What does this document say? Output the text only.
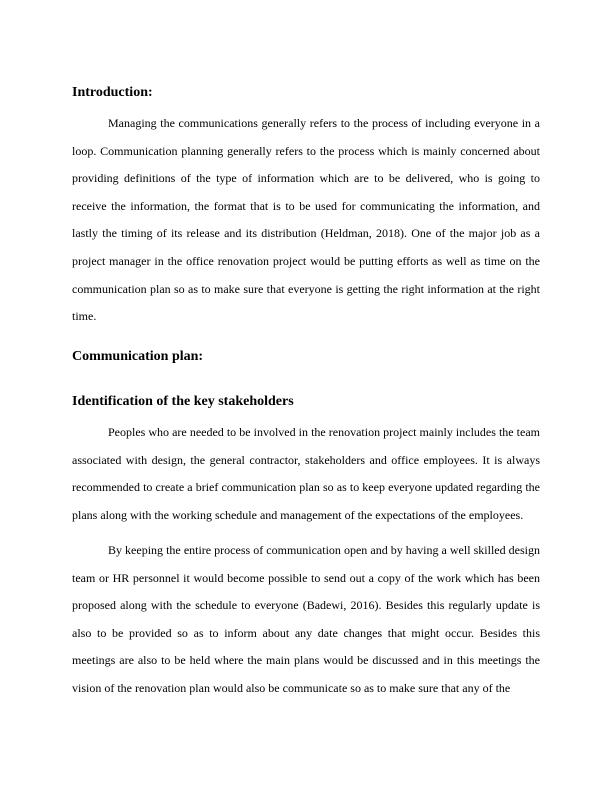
Introduction:

Managing the communications generally refers to the process of including everyone in a loop. Communication planning generally refers to the process which is mainly concerned about providing definitions of the type of information which are to be delivered, who is going to receive the information, the format that is to be used for communicating the information, and lastly the timing of its release and its distribution (Heldman, 2018). One of the major job as a project manager in the office renovation project would be putting efforts as well as time on the communication plan so as to make sure that everyone is getting the right information at the right time.

Communication plan:
Identification of the key stakeholders

Peoples who are needed to be involved in the renovation project mainly includes the team associated with design, the general contractor, stakeholders and office employees. It is always recommended to create a brief communication plan so as to keep everyone updated regarding the plans along with the working schedule and management of the expectations of the employees.

By keeping the entire process of communication open and by having a well skilled design team or HR personnel it would become possible to send out a copy of the work which has been proposed along with the schedule to everyone (Badewi, 2016). Besides this regularly update is also to be provided so as to inform about any date changes that might occur. Besides this meetings are also to be held where the main plans would be discussed and in this meetings the vision of the renovation plan would also be communicate so as to make sure that any of the
